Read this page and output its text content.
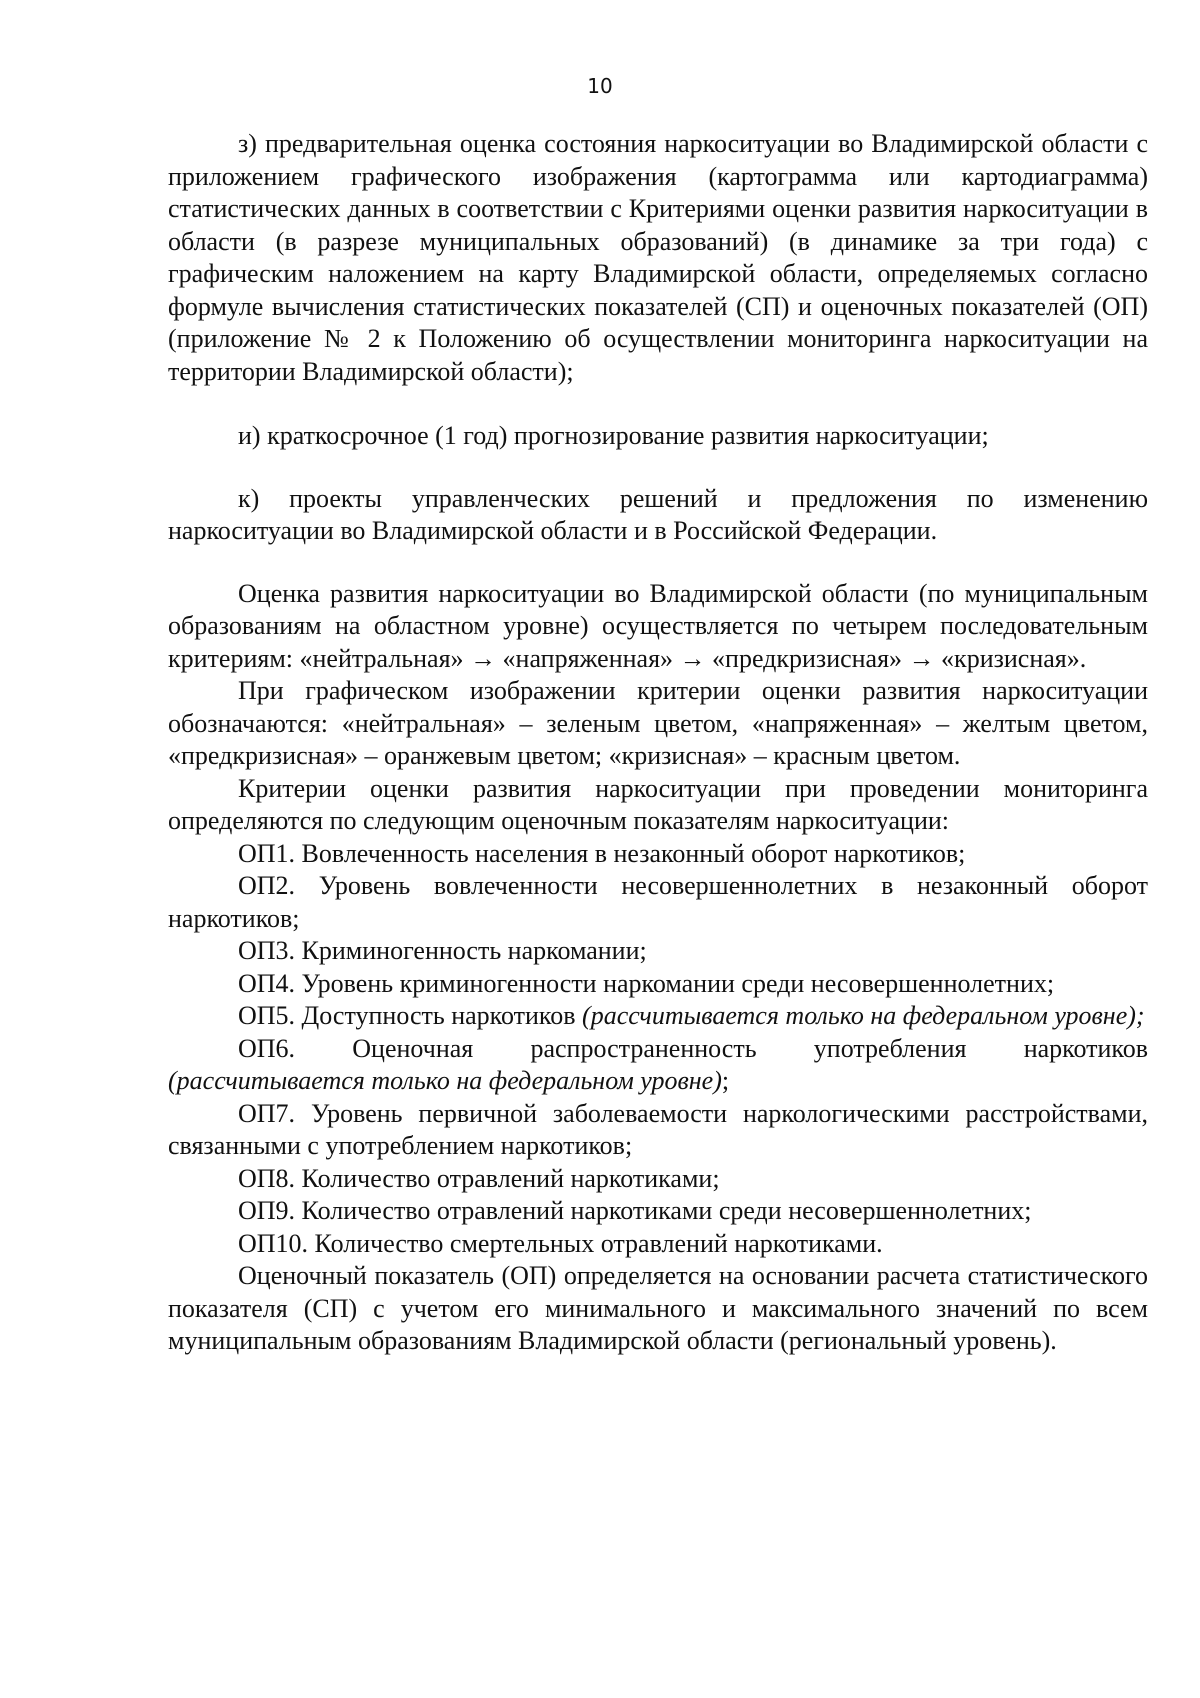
10

з) предварительная оценка состояния наркоситуации во Владимирской области с приложением графического изображения (картограмма или картодиаграмма) статистических данных в соответствии с Критериями оценки развития наркоситуации в области (в разрезе муниципальных образований) (в динамике за три года) с графическим наложением на карту Владимирской области, определяемых согласно формуле вычисления статистических показателей (СП) и оценочных показателей (ОП) (приложение № 2 к Положению об осуществлении мониторинга наркоситуации на территории Владимирской области);

и) краткосрочное (1 год) прогнозирование развития наркоситуации;

к) проекты управленческих решений и предложения по изменению наркоситуации во Владимирской области и в Российской Федерации.

Оценка развития наркоситуации во Владимирской области (по муниципальным образованиям на областном уровне) осуществляется по четырем последовательным критериям: «нейтральная» → «напряженная» → «предкризисная» → «кризисная».

При графическом изображении критерии оценки развития наркоситуации обозначаются: «нейтральная» – зеленым цветом, «напряженная» – желтым цветом, «предкризисная» – оранжевым цветом; «кризисная» – красным цветом.

Критерии оценки развития наркоситуации при проведении мониторинга определяются по следующим оценочным показателям наркоситуации:

ОП1. Вовлеченность населения в незаконный оборот наркотиков;

ОП2. Уровень вовлеченности несовершеннолетних в незаконный оборот наркотиков;

ОП3. Криминогенность наркомании;

ОП4. Уровень криминогенности наркомании среди несовершеннолетних;

ОП5. Доступность наркотиков (рассчитывается только на федеральном уровне);

ОП6. Оценочная распространенность употребления наркотиков (рассчитывается только на федеральном уровне);

ОП7. Уровень первичной заболеваемости наркологическими расстройствами, связанными с употреблением наркотиков;

ОП8. Количество отравлений наркотиками;

ОП9. Количество отравлений наркотиками среди несовершеннолетних;

ОП10. Количество смертельных отравлений наркотиками.

Оценочный показатель (ОП) определяется на основании расчета статистического показателя (СП) с учетом его минимального и максимального значений по всем муниципальным образованиям Владимирской области (региональный уровень).
